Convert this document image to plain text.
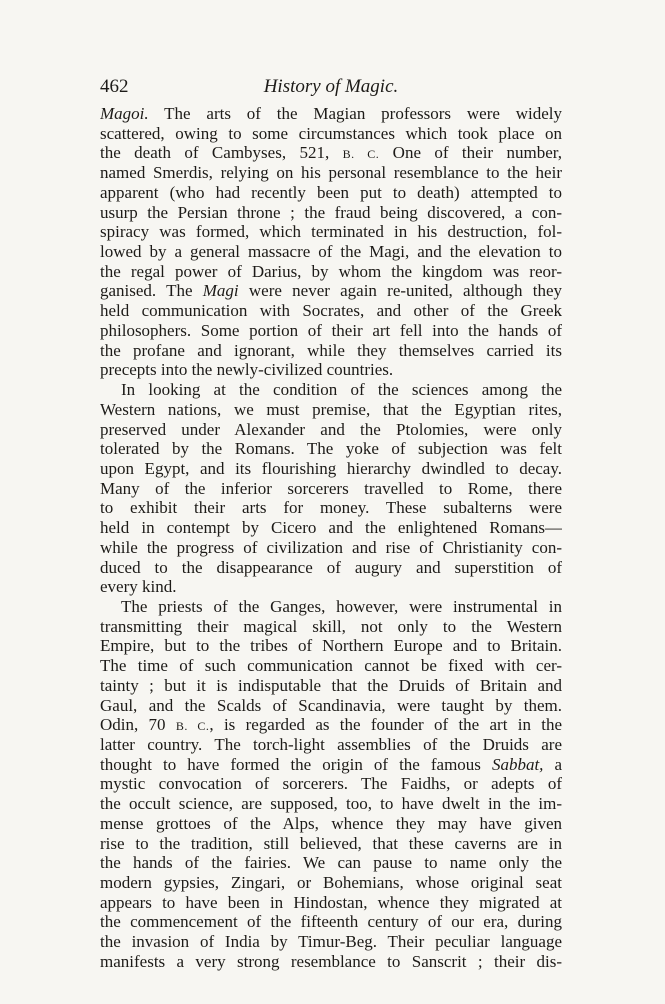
462	History of Magic.
Magoi. The arts of the Magian professors were widely
scattered, owing to some circumstances which took place on
the death of Cambyses, 521, B. C. One of their number,
named Smerdis, relying on his personal resemblance to the heir
apparent (who had recently been put to death) attempted to
usurp the Persian throne ; the fraud being discovered, a con-
spiracy was formed, which terminated in his destruction, fol-
lowed by a general massacre of the Magi, and the elevation to
the regal power of Darius, by whom the kingdom was reor-
ganised. The Magi were never again re-united, although they
held communication with Socrates, and other of the Greek
philosophers. Some portion of their art fell into the hands of
the profane and ignorant, while they themselves carried its
precepts into the newly-civilized countries.
In looking at the condition of the sciences among the
Western nations, we must premise, that the Egyptian rites,
preserved under Alexander and the Ptolomies, were only
tolerated by the Romans. The yoke of subjection was felt
upon Egypt, and its flourishing hierarchy dwindled to decay.
Many of the inferior sorcerers travelled to Rome, there
to exhibit their arts for money. These subalterns were
held in contempt by Cicero and the enlightened Romans—
while the progress of civilization and rise of Christianity con-
duced to the disappearance of augury and superstition of
every kind.
The priests of the Ganges, however, were instrumental in
transmitting their magical skill, not only to the Western
Empire, but to the tribes of Northern Europe and to Britain.
The time of such communication cannot be fixed with cer-
tainty ; but it is indisputable that the Druids of Britain and
Gaul, and the Scalds of Scandinavia, were taught by them.
Odin, 70 B. C., is regarded as the founder of the art in the
latter country. The torch-light assemblies of the Druids are
thought to have formed the origin of the famous Sabbat, a
mystic convocation of sorcerers. The Faidhs, or adepts of
the occult science, are supposed, too, to have dwelt in the im-
mense grottoes of the Alps, whence they may have given
rise to the tradition, still believed, that these caverns are in
the hands of the fairies. We can pause to name only the
modern gypsies, Zingari, or Bohemians, whose original seat
appears to have been in Hindostan, whence they migrated at
the commencement of the fifteenth century of our era, during
the invasion of India by Timur-Beg. Their peculiar language
manifests a very strong resemblance to Sanscrit ; their dis-
